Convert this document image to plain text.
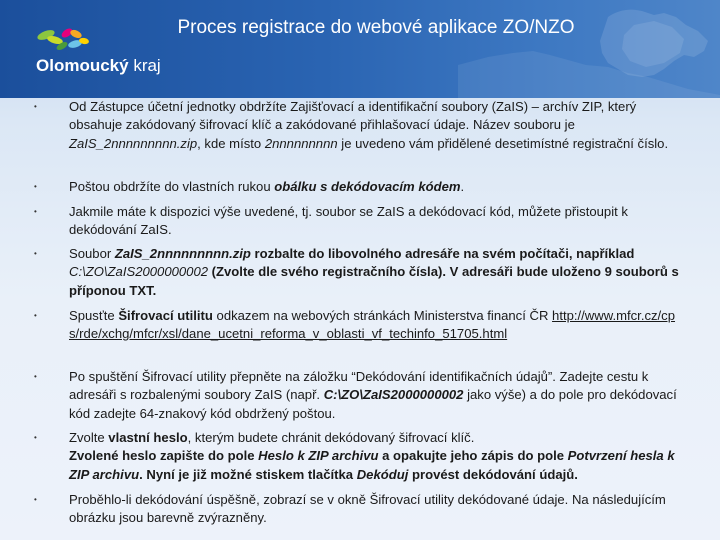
Proces registrace do webové aplikace ZO/NZO
Olomoucký kraj
• Od Zástupce účetní jednotky obdržíte Zajišťovací a identifikační soubory (ZaIS) – archív ZIP, který obsahuje zakódovaný šifrovací klíč a zakódované přihlašovací údaje. Název souboru je ZaIS_2nnnnnnnnn.zip, kde místo 2nnnnnnnnn je uvedeno vám přidělené desetimístné registrační číslo.
• Poštou obdržíte do vlastních rukou obálku s dekódovacím kódem.
• Jakmile máte k dispozici výše uvedené, tj. soubor se ZaIS a dekódovací kód, můžete přistoupit k dekódování ZaIS.
• Soubor ZaIS_2nnnnnnnnn.zip rozbalte do libovolného adresáře na svém počítači, například C:\ZO\ZaIS2000000002 (Zvolte dle svého registračního čísla). V adresáři bude uloženo 9 souborů s příponou TXT.
• Spusťte Šifrovací utilitu odkazem na webových stránkách Ministerstva financí ČR http://www.mfcr.cz/cps/rde/xchg/mfcr/xsl/dane_ucetni_reforma_v_oblasti_vf_techinfo_51705.html
• Po spuštění Šifrovací utility přepněte na záložku “Dekódování identifikačních údajů”. Zadejte cestu k adresáři s rozbalenými soubory ZaIS (např. C:\ZO\ZaIS2000000002 jako výše) a do pole pro dekódovací kód zadejte 64-znakový kód obdržený poštou.
• Zvolte vlastní heslo, kterým budete chránit dekódovaný šifrovací klíč.
Zvolené heslo zapište do pole Heslo k ZIP archivu a opakujte jeho zápis do pole Potvrzení hesla k ZIP archivu. Nyní je již možné stiskem tlačítka Dekóduj provést dekódování údajů.
• Proběhlo-li dekódování úspěšně, zobrazí se v okně Šifrovací utility dekódované údaje. Na následujícím obrázku jsou barevně zvýrazněny.
